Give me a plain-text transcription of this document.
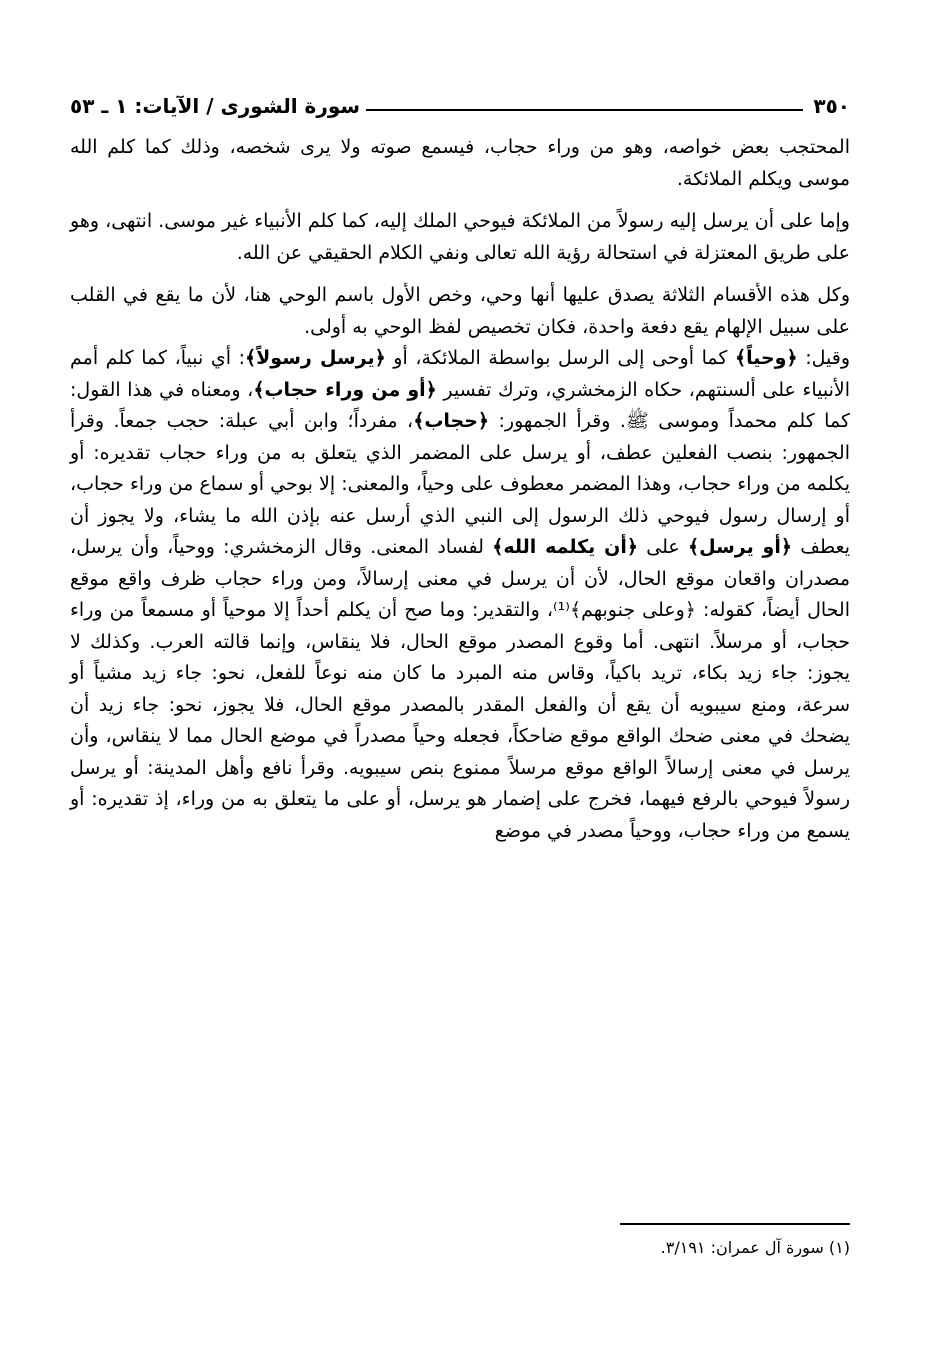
٣٥٠
سورة الشورى / الآيات: ١ ـ ٥٣

المحتجب بعض خواصه، وهو من وراء حجاب، فيسمع صوته ولا يرى شخصه، وذلك كما كلم الله موسى ويكلم الملائكة.

وإما على أن يرسل إليه رسولاً من الملائكة فيوحي الملك إليه، كما كلم الأنبياء غير موسى. انتهى، وهو على طريق المعتزلة في استحالة رؤية الله تعالى ونفي الكلام الحقيقي عن الله.

وكل هذه الأقسام الثلاثة يصدق عليها أنها وحي، وخص الأول باسم الوحي هنا، لأن ما يقع في القلب على سبيل الإلهام يقع دفعة واحدة، فكان تخصيص لفظ الوحي به أولى.

وقيل: ﴿وحياً﴾ كما أوحى إلى الرسل بواسطة الملائكة، أو ﴿يرسل رسولاً﴾: أي نبياً، كما كلم أمم الأنبياء على ألسنتهم، حكاه الزمخشري، وترك تفسير ﴿أو من وراء حجاب﴾، ومعناه في هذا القول: كما كلم محمداً وموسى ﷺ. وقرأ الجمهور: ﴿حجاب﴾، مفرداً؛ وابن أبي عبلة: حجب جمعاً. وقرأ الجمهور: بنصب الفعلين عطف، أو يرسل على المضمر الذي يتعلق به من وراء حجاب تقديره: أو يكلمه من وراء حجاب، وهذا المضمر معطوف على وحياً، والمعنى: إلا بوحي أو سماع من وراء حجاب، أو إرسال رسول فيوحي ذلك الرسول إلى النبي الذي أرسل عنه بإذن الله ما يشاء، ولا يجوز أن يعطف ﴿أو يرسل﴾ على ﴿أن يكلمه الله﴾ لفساد المعنى. وقال الزمخشري: ووحياً، وأن يرسل، مصدران واقعان موقع الحال، لأن أن يرسل في معنى إرسالاً، ومن وراء حجاب ظرف واقع موقع الحال أيضاً، كقوله: ﴿وعلى جنوبهم﴾⁽¹⁾، والتقدير: وما صح أن يكلم أحداً إلا موحياً أو مسمعاً من وراء حجاب، أو مرسلاً. انتهى. أما وقوع المصدر موقع الحال، فلا ينقاس، وإنما قالته العرب. وكذلك لا يجوز: جاء زيد بكاء، تريد باكياً، وقاس منه المبرد ما كان منه نوعاً للفعل، نحو: جاء زيد مشياً أو سرعة، ومنع سيبويه أن يقع أن والفعل المقدر بالمصدر موقع الحال، فلا يجوز، نحو: جاء زيد أن يضحك في معنى ضحك الواقع موقع ضاحكاً، فجعله وحياً مصدراً في موضع الحال مما لا ينقاس، وأن يرسل في معنى إرسالاً الواقع موقع مرسلاً ممنوع بنص سيبويه. وقرأ نافع وأهل المدينة: أو يرسل رسولاً فيوحي بالرفع فيهما، فخرج على إضمار هو يرسل، أو على ما يتعلق به من وراء، إذ تقديره: أو يسمع من وراء حجاب، ووحياً مصدر في موضع

(١) سورة آل عمران: ٣/١٩١.
